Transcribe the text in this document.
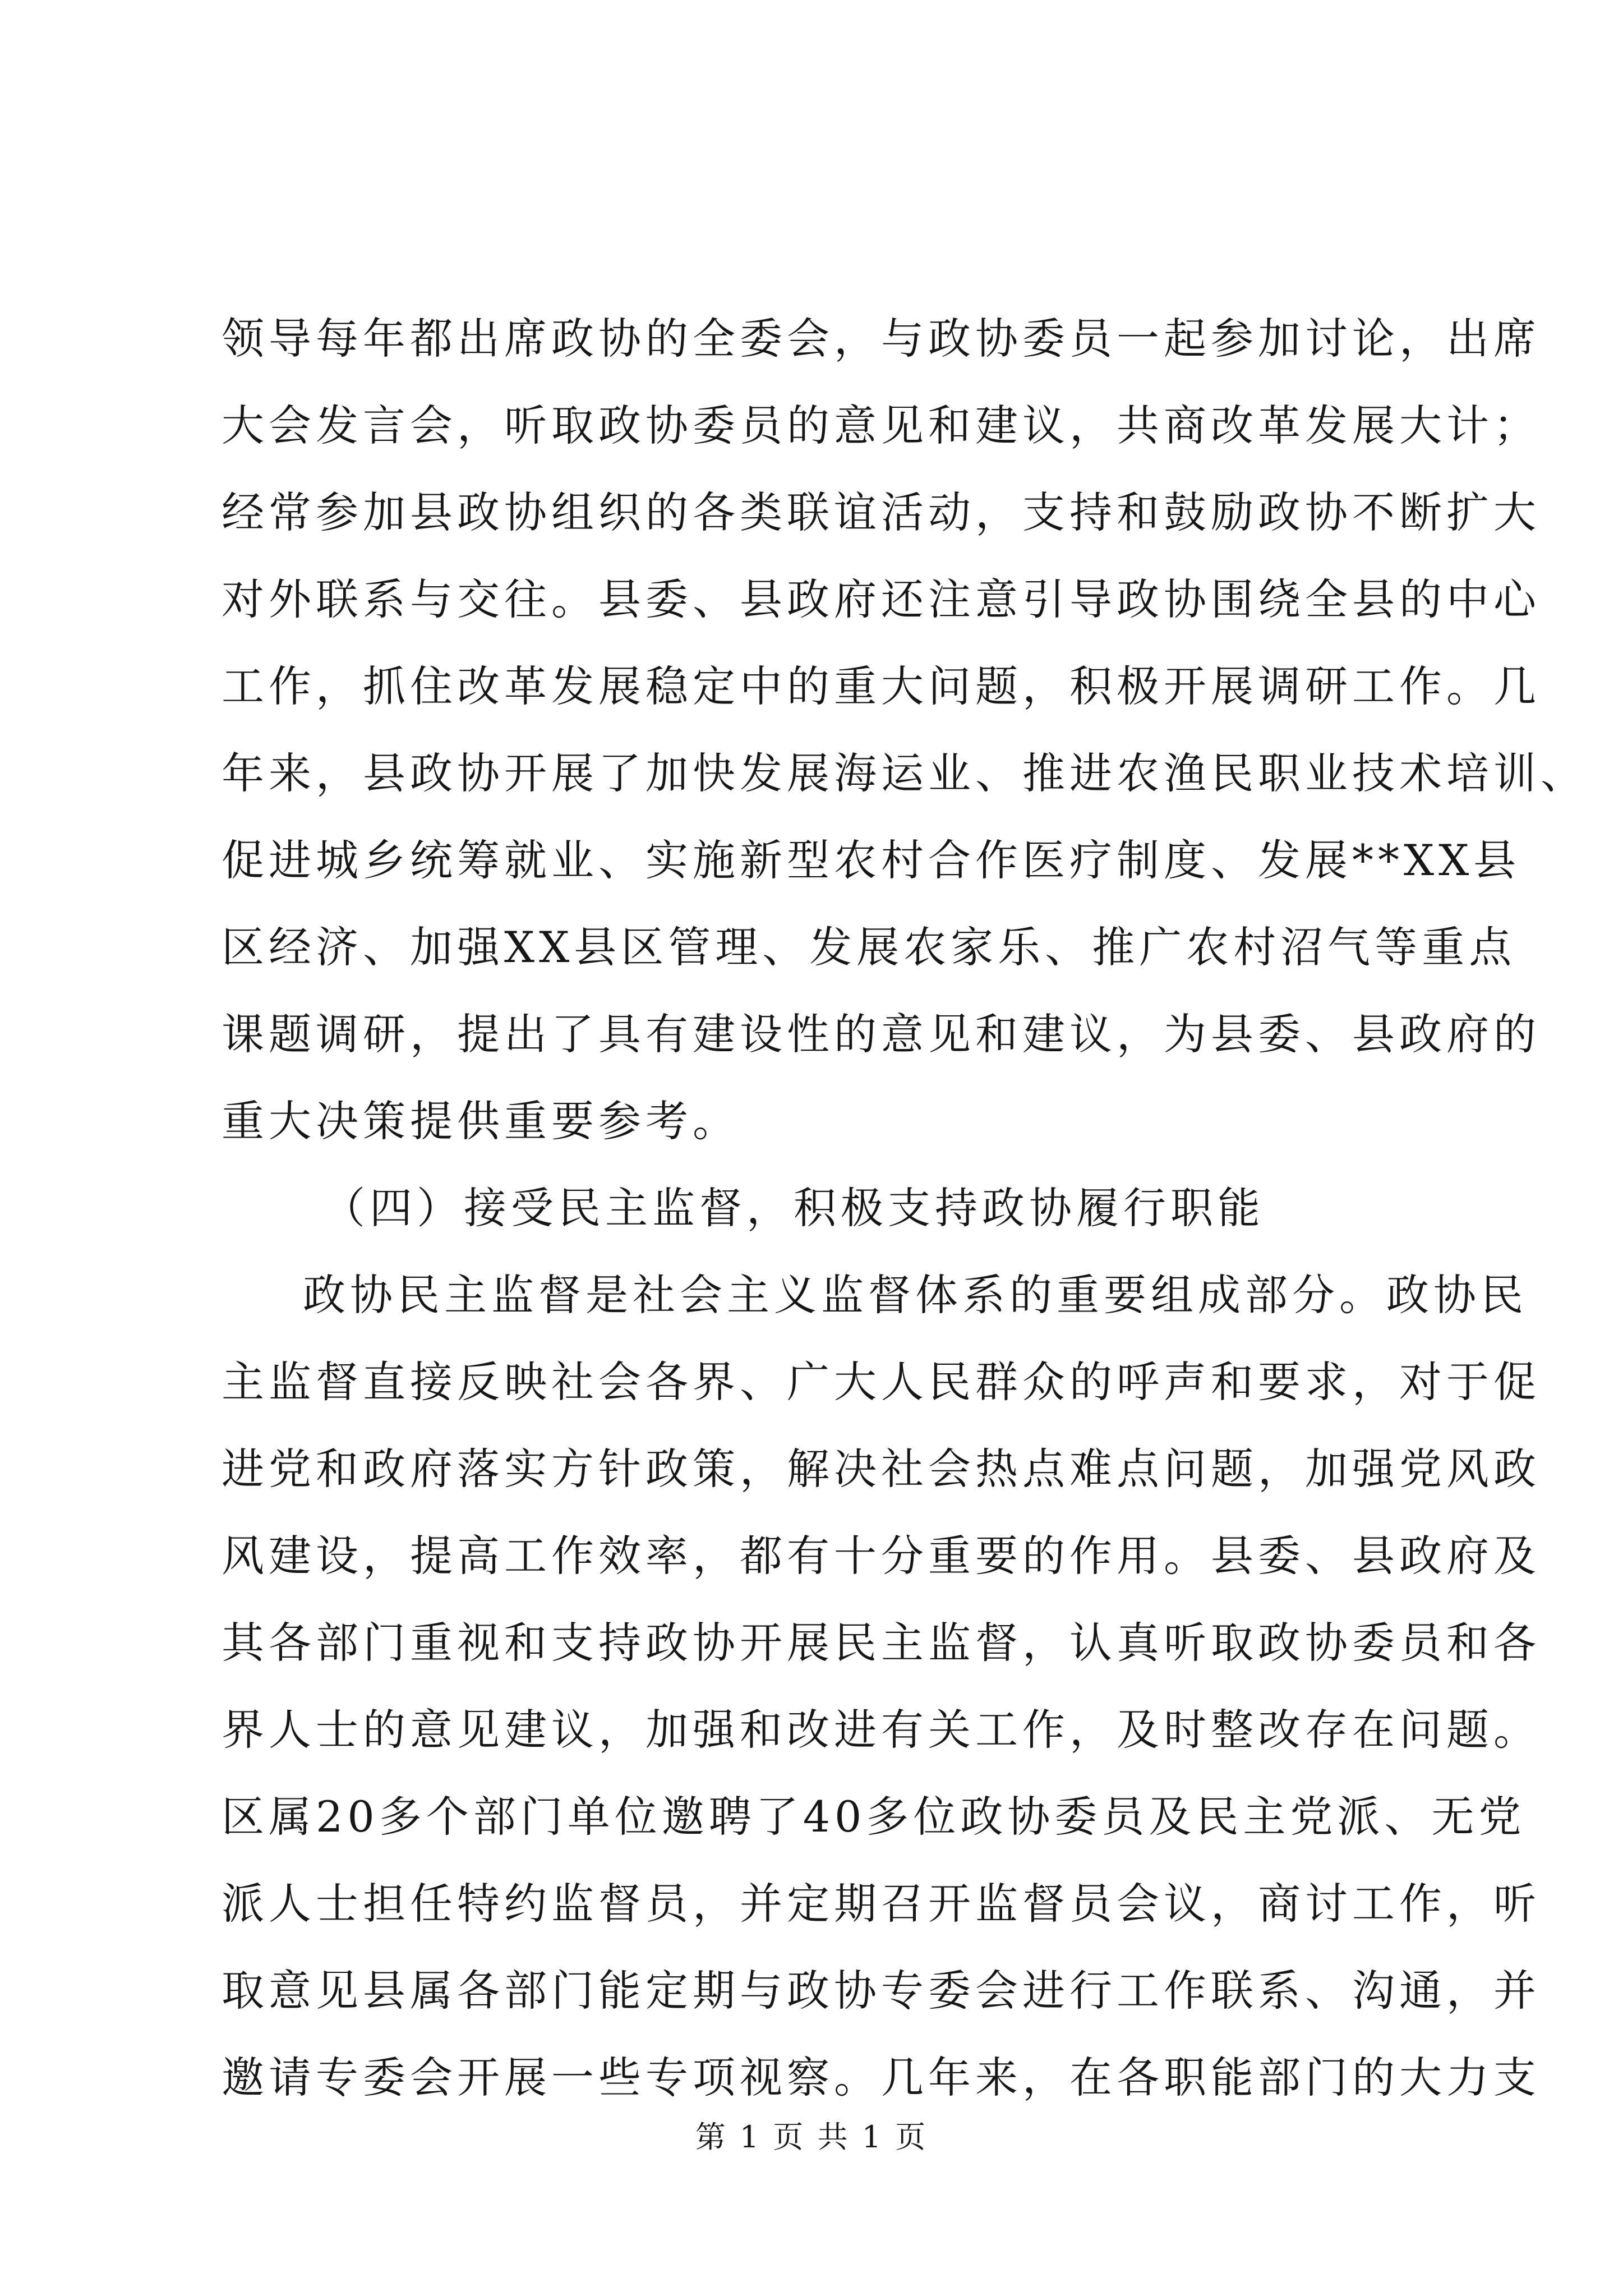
领导每年都出席政协的全委会，与政协委员一起参加讨论，出席
大会发言会，听取政协委员的意见和建议，共商改革发展大计；
经常参加县政协组织的各类联谊活动，支持和鼓励政协不断扩大
对外联系与交往。县委、县政府还注意引导政协围绕全县的中心
工作，抓住改革发展稳定中的重大问题，积极开展调研工作。几
年来，县政协开展了加快发展海运业、推进农渔民职业技术培训、
促进城乡统筹就业、实施新型农村合作医疗制度、发展**XX县
区经济、加强XX县区管理、发展农家乐、推广农村沼气等重点
课题调研，提出了具有建设性的意见和建议，为县委、县政府的
重大决策提供重要参考。
（四）接受民主监督，积极支持政协履行职能
政协民主监督是社会主义监督体系的重要组成部分。政协民
主监督直接反映社会各界、广大人民群众的呼声和要求，对于促
进党和政府落实方针政策，解决社会热点难点问题，加强党风政
风建设，提高工作效率，都有十分重要的作用。县委、县政府及
其各部门重视和支持政协开展民主监督，认真听取政协委员和各
界人士的意见建议，加强和改进有关工作，及时整改存在问题。
区属20多个部门单位邀聘了40多位政协委员及民主党派、无党
派人士担任特约监督员，并定期召开监督员会议，商讨工作，听
取意见县属各部门能定期与政协专委会进行工作联系、沟通，并
邀请专委会开展一些专项视察。几年来，在各职能部门的大力支
第 1 页 共 1 页
